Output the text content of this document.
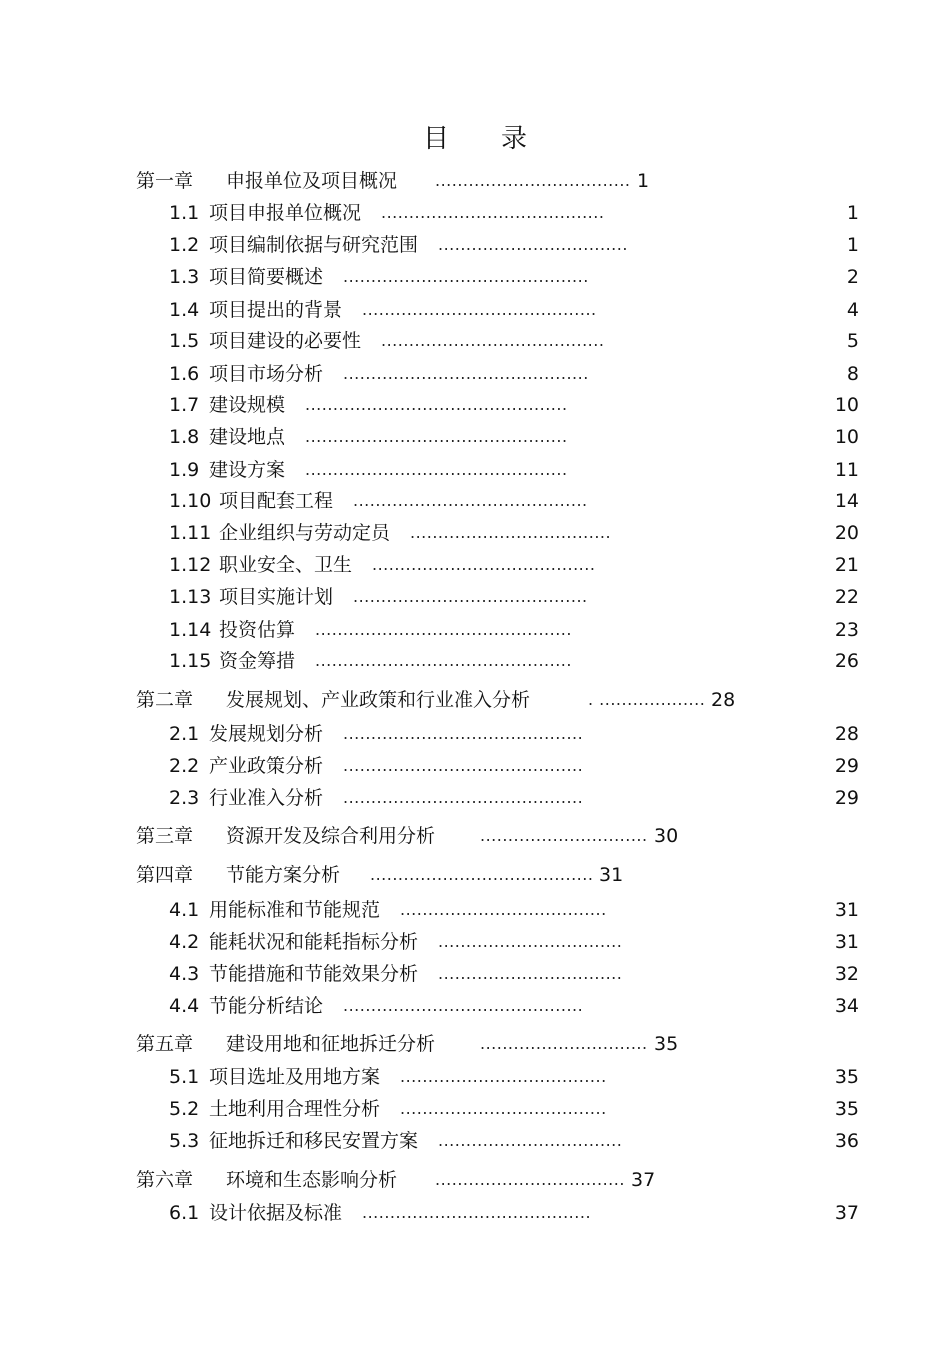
目 录
第一章 申报单位及项目概况 ................................... 1
1.1 项目申报单位概况 ........................................	1
1.2 项目编制依据与研究范围 ..................................	1
1.3 项目简要概述 ............................................	2
1.4 项目提出的背景 ..........................................	4
1.5 项目建设的必要性 ........................................	5
1.6 项目市场分析 ............................................	8
1.7 建设规模 ...............................................	10
1.8 建设地点 ...............................................	10
1.9 建设方案 ...............................................	11
1.10 项目配套工程 ..........................................	14
1.11 企业组织与劳动定员 ....................................	20
1.12 职业安全、卫生 ........................................	21
1.13 项目实施计划 ..........................................	22
1.14 投资估算 ..............................................	23
1.15 资金筹措 ..............................................	26
第二章 发展规划、产业政策和行业准入分析	. ................... 28
2.1 发展规划分析 ...........................................	28
2.2 产业政策分析 ...........................................	29
2.3 行业准入分析 ...........................................	29
第三章 资源开发及综合利用分析	.............................. 30
第四章 节能方案分析 ........................................ 31
4.1 用能标准和节能规范 .....................................	31
4.2 能耗状况和能耗指标分析 .................................	31
4.3 节能措施和节能效果分析 .................................	32
4.4 节能分析结论 ...........................................	34
第五章 建设用地和征地拆迁分析	.............................. 35
5.1 项目选址及用地方案 .....................................	35
5.2 土地利用合理性分析 .....................................	35
5.3 征地拆迁和移民安置方案 .................................	36
第六章 环境和生态影响分析 .................................. 37
6.1 设计依据及标准 .........................................	37
